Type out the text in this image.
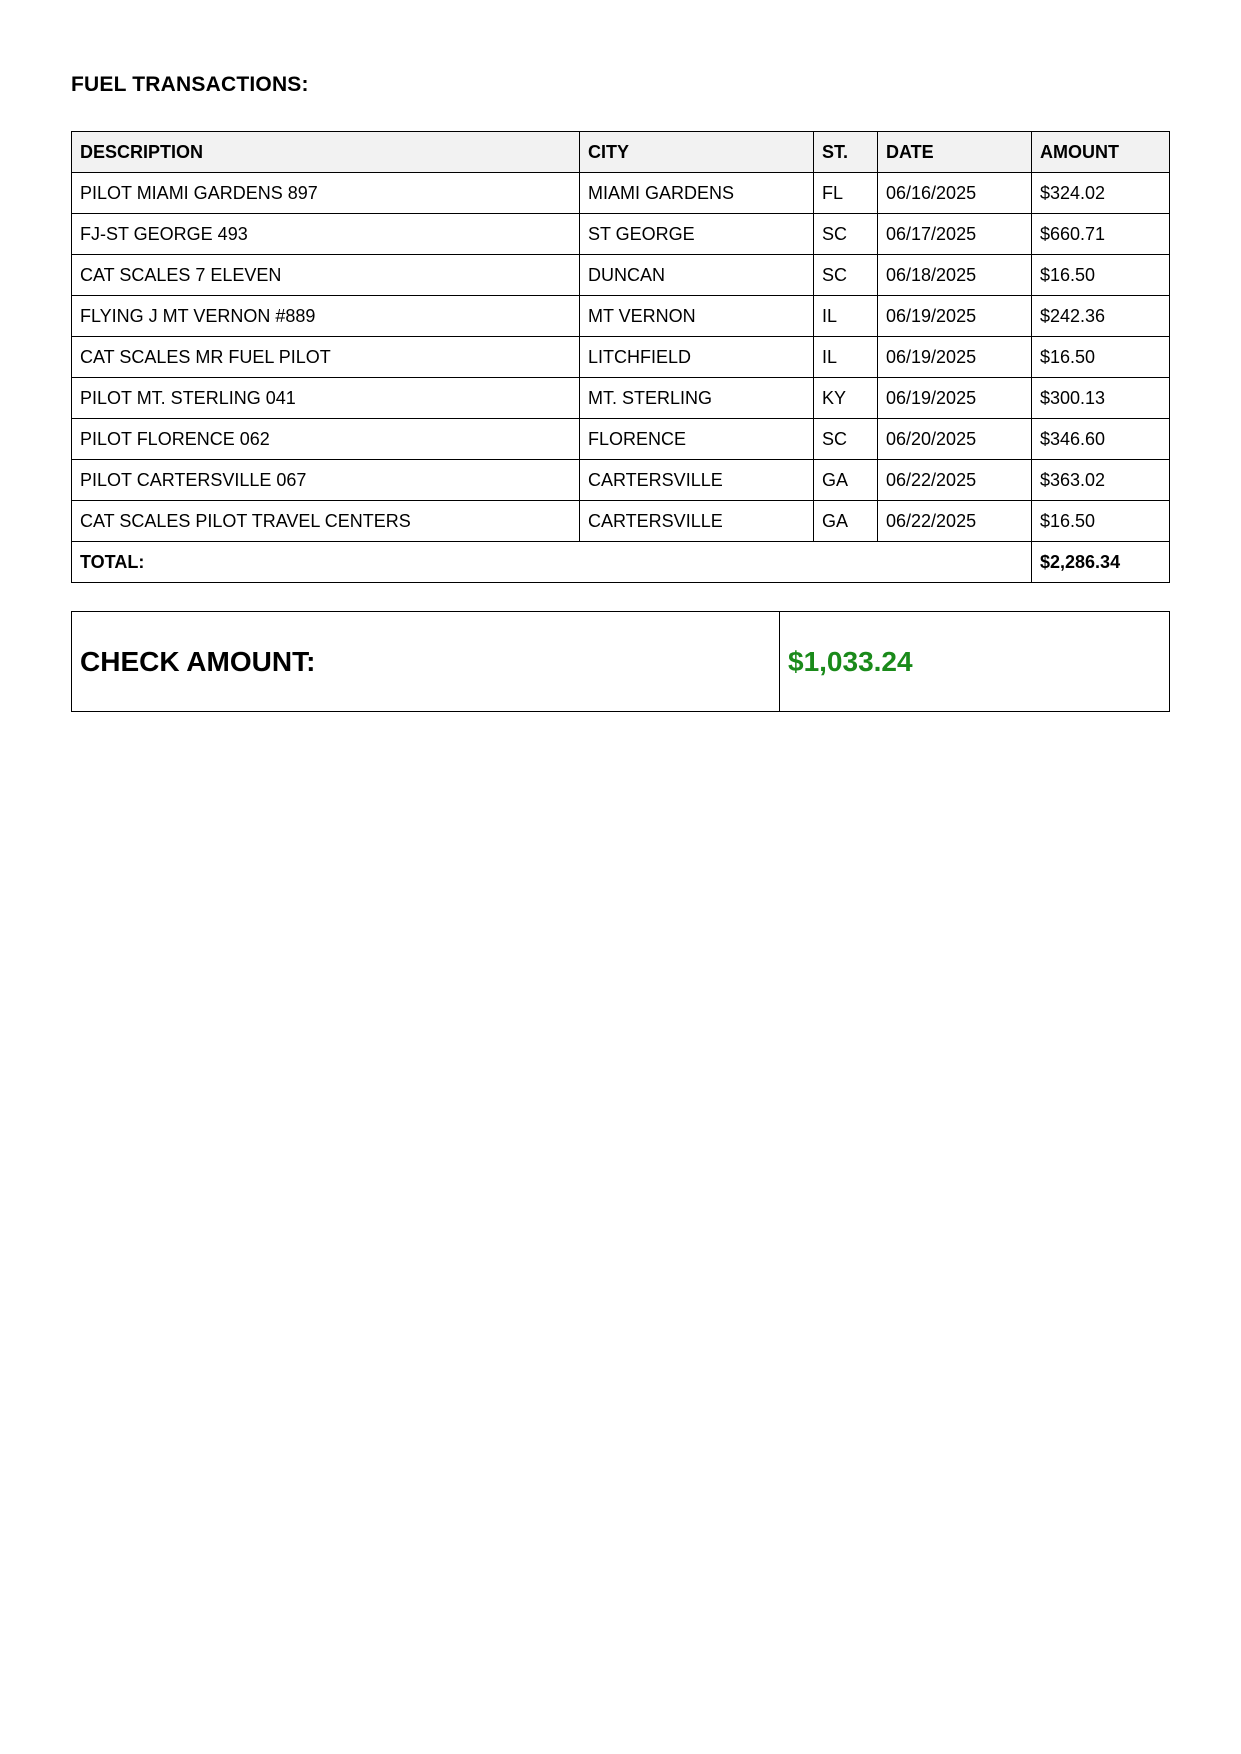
FUEL TRANSACTIONS:
DESCRIPTION	CITY	ST.	DATE	AMOUNT
PILOT MIAMI GARDENS 897	MIAMI GARDENS	FL	06/16/2025	$324.02
FJ-ST GEORGE 493	ST GEORGE	SC	06/17/2025	$660.71
CAT SCALES 7 ELEVEN	DUNCAN	SC	06/18/2025	$16.50
FLYING J MT VERNON #889	MT VERNON	IL	06/19/2025	$242.36
CAT SCALES MR FUEL PILOT	LITCHFIELD	IL	06/19/2025	$16.50
PILOT MT. STERLING 041	MT. STERLING	KY	06/19/2025	$300.13
PILOT FLORENCE 062	FLORENCE	SC	06/20/2025	$346.60
PILOT CARTERSVILLE 067	CARTERSVILLE	GA	06/22/2025	$363.02
CAT SCALES PILOT TRAVEL CENTERS	CARTERSVILLE	GA	06/22/2025	$16.50
TOTAL:				$2,286.34
CHECK AMOUNT:	$1,033.24
